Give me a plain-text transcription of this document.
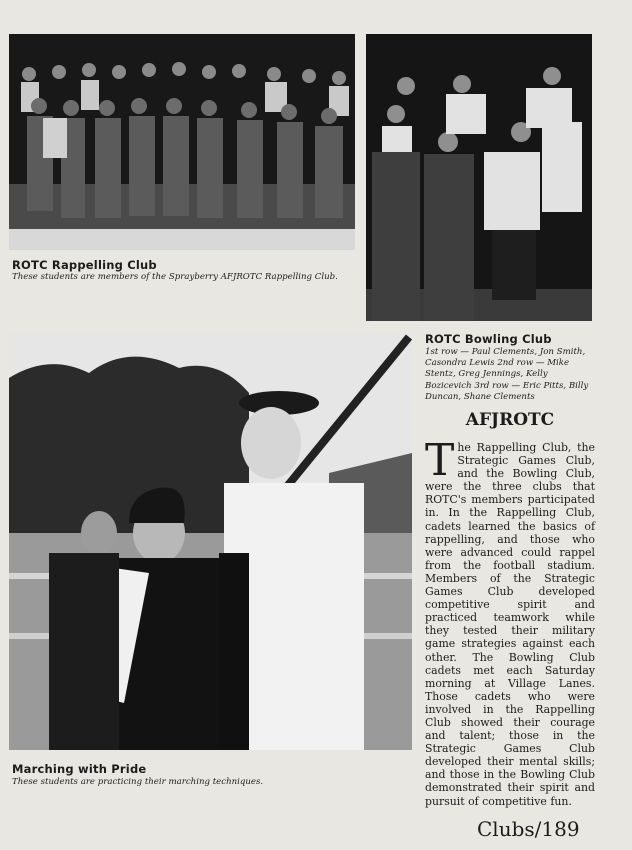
ROTC Rappelling Club

These students are members of the Sprayberry AFJROTC Rappelling Club.

ROTC Bowling Club

1st row — Paul Clements, Jon Smith, Casondra Lewis 2nd row — Mike Stentz, Greg Jennings, Kelly Bozicevich 3rd row — Eric Pitts, Billy Duncan, Shane Clements

Marching with Pride

These students are practicing their marching techniques.

AFJROTC
The Rappelling Club, the Strategic Games Club, and the Bowling Club, were the three clubs that ROTC's members participated in. In the Rappelling Club, cadets learned the basics of rappelling, and those who were advanced could rappel from the football stadium. Members of the Strategic Games Club developed competitive spirit and practiced teamwork while they tested their military game strategies against each other. The Bowling Club cadets met each Saturday morning at Village Lanes. Those cadets who were involved in the Rappelling Club showed their courage and talent; those in the Strategic Games Club developed their mental skills; and those in the Bowling Club demonstrated their spirit and pursuit of competitive fun.
Clubs/189
